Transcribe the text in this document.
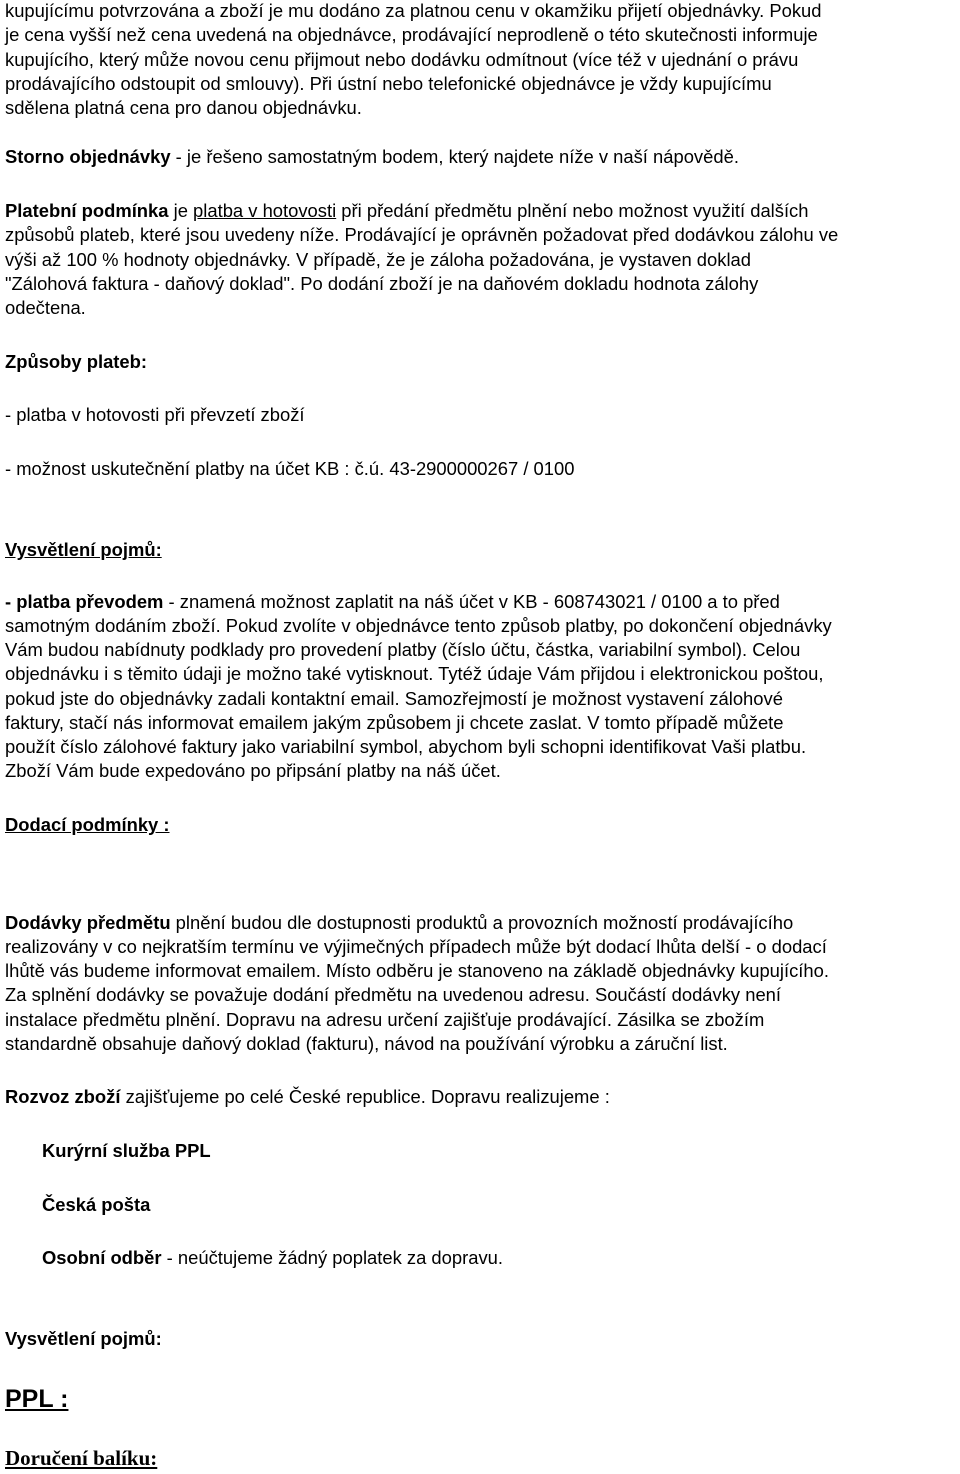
kupujícímu potvrzována a zboží je mu dodáno za platnou cenu v okamžiku přijetí objednávky. Pokud
je cena vyšší než cena uvedená na objednávce, prodávající neprodleně o této skutečnosti informuje
kupujícího, který může novou cenu přijmout nebo dodávku odmítnout (více též v ujednání o právu
prodávajícího odstoupit od smlouvy). Při ústní nebo telefonické objednávce je vždy kupujícímu
sdělena platná cena pro danou objednávku.
Storno objednávky - je řešeno samostatným bodem, který najdete níže v naší nápovědě.
Platební podmínka je platba v hotovosti při předání předmětu plnění nebo možnost využití dalších
způsobů plateb, které jsou uvedeny níže. Prodávající je oprávněn požadovat před dodávkou zálohu ve
výši až 100 % hodnoty objednávky. V případě, že je záloha požadována, je vystaven doklad
"Zálohová faktura - daňový doklad". Po dodání zboží je na daňovém dokladu hodnota zálohy
odečtena.
Způsoby plateb:
- platba v hotovosti při převzetí zboží
- možnost uskutečnění platby na účet KB : č.ú. 43-2900000267 / 0100
Vysvětlení pojmů:
- platba převodem - znamená možnost zaplatit na náš účet v KB - 608743021 / 0100 a to před
samotným dodáním zboží. Pokud zvolíte v objednávce tento způsob platby, po dokončení objednávky
Vám budou nabídnuty podklady pro provedení platby (číslo účtu, částka, variabilní symbol). Celou
objednávku i s těmito údaji je možno také vytisknout. Tytéž údaje Vám přijdou i elektronickou poštou,
pokud jste do objednávky zadali kontaktní email. Samozřejmostí je možnost vystavení zálohové
faktury, stačí nás informovat emailem jakým způsobem ji chcete zaslat. V tomto případě můžete
použít číslo zálohové faktury jako variabilní symbol, abychom byli schopni identifikovat Vaši platbu.
Zboží Vám bude expedováno po připsání platby na náš účet.
Dodací podmínky :
Dodávky předmětu plnění budou dle dostupnosti produktů a provozních možností prodávajícího
realizovány v co nejkratším termínu ve výjimečných případech může být dodací lhůta delší - o dodací
lhůtě vás budeme informovat emailem. Místo odběru je stanoveno na základě objednávky kupujícího.
Za splnění dodávky se považuje dodání předmětu na uvedenou adresu. Součástí dodávky není
instalace předmětu plnění. Dopravu na adresu určení zajišťuje prodávající. Zásilka se zbožím
standardně obsahuje daňový doklad (fakturu), návod na používání výrobku a záruční list.
Rozvoz zboží zajišťujeme po celé České republice. Dopravu realizujeme :
Kurýrní služba PPL
Česká pošta
Osobní odběr - neúčtujeme žádný poplatek za dopravu.
Vysvětlení pojmů:
PPL :
Doručení balíku:
